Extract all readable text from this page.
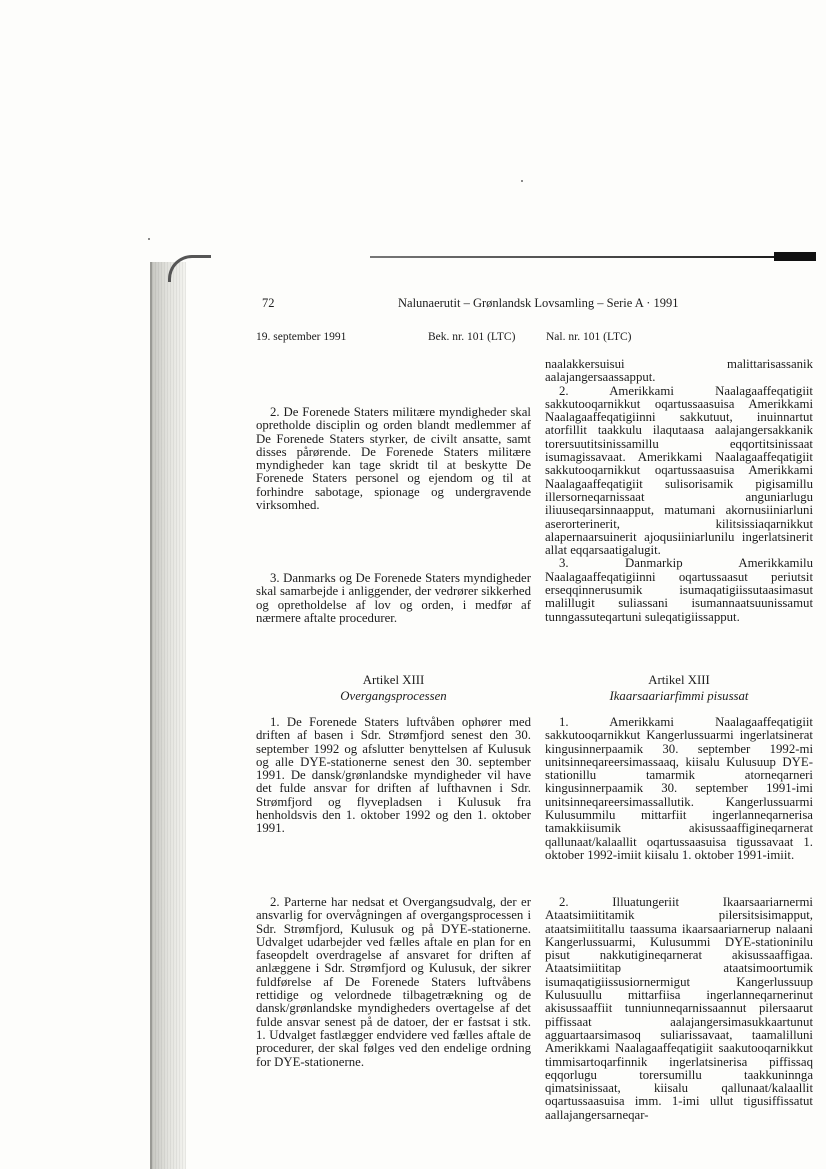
72	Nalunaerutit – Grønlandsk Lovsamling – Serie A · 1991
19. september 1991	Bek. nr. 101 (LTC)	Nal. nr. 101 (LTC)

2. De Forenede Staters militære myndigheder skal opretholde disciplin og orden blandt medlemmer af De Forenede Staters styrker, de civilt ansatte, samt disses pårørende. De Forenede Staters militære myndigheder kan tage skridt til at beskytte De Forenede Staters personel og ejendom og til at forhindre sabotage, spionage og undergravende virksomhed.

3. Danmarks og De Forenede Staters myndigheder skal samarbejde i anliggender, der vedrører sikkerhed og opretholdelse af lov og orden, i medfør af nærmere aftalte procedurer.

Artikel XIII

Overgangsprocessen

1. De Forenede Staters luftvåben ophører med driften af basen i Sdr. Strømfjord senest den 30. september 1992 og afslutter benyttelsen af Kulusuk og alle DYE-stationerne senest den 30. september 1991. De dansk/grønlandske myndigheder vil have det fulde ansvar for driften af lufthavnen i Sdr. Strømfjord og flyvepladsen i Kulusuk fra henholdsvis den 1. oktober 1992 og den 1. oktober 1991.

2. Parterne har nedsat et Overgangsudvalg, der er ansvarlig for overvågningen af overgangsprocessen i Sdr. Strømfjord, Kulusuk og på DYE-stationerne. Udvalget udarbejder ved fælles aftale en plan for en faseopdelt overdragelse af ansvaret for driften af anlæggene i Sdr. Strømfjord og Kulusuk, der sikrer fuldførelse af De Forenede Staters luftvåbens rettidige og velordnede tilbagetrækning og de dansk/grønlandske myndigheders overtagelse af det fulde ansvar senest på de datoer, der er fastsat i stk. 1. Udvalget fastlægger endvidere ved fælles aftale de procedurer, der skal følges ved den endelige ordning for DYE-stationerne.

naalakkersuisui malittarisassanik aalajangersaassapput.

2. Amerikkami Naalagaaffeqatigiit sakkutooqarnikkut oqartussaasuisa Amerikkami Naalagaaffeqatigiinni sakkutuut, inuinnartut atorfillit taakkulu ilaqutaasa aalajangersakkanik torersuutitsinissamillu eqqortitsinissaat isumagissavaat. Amerikkami Naalagaaffeqatigiit sakkutooqarnikkut oqartussaasuisa Amerikkami Naalagaaffeqatigiit sulisorisamik pigisamillu illersorneqarnissaat anguniarlugu iliuuseqarsinnaapput, matumani akornusiiniarluni aserorterinerit, kilitsissiaqarnikkut alapernaarsuinerit ajoqusiiniarlunilu ingerlatsinerit allat eqqarsaatigalugit.

3. Danmarkip Amerikkamilu Naalagaaffeqatigiinni oqartussaasut periutsit erseqqinnerusumik isumaqatigiissutaasimasut malillugit suliassani isumannaatsuunissamut tunngassuteqartuni suleqatigiissapput.

Artikel XIII

Ikaarsaariarfimmi pisussat

1. Amerikkami Naalagaaffeqatigiit sakkutooqarnikkut Kangerlussuarmi ingerlatsinerat kingusinnerpaamik 30. september 1992-mi unitsinneqareersimassaaq, kiisalu Kulusuup DYE-stationillu tamarmik atorneqarneri kingusinnerpaamik 30. september 1991-imi unitsinneqareersimassallutik. Kangerlussuarmi Kulusummilu mittarfiit ingerlanneqarnerisa tamakkiisumik akisussaaffigineqarnerat qallunaat/kalaallit oqartussaasuisa tigussavaat 1. oktober 1992-imiit kiisalu 1. oktober 1991-imiit.

2. Illuatungeriit Ikaarsaariarnermi Ataatsimiititamik pilersitsisimapput, ataatsimiititallu taassuma ikaarsaariarnerup nalaani Kangerlussuarmi, Kulusummi DYE-stationinilu pisut nakkutigineqarnerat akisussaaffigaa. Ataatsimiititap ataatsimoortumik isumaqatigiissusiornermigut Kangerlussuup Kulusuullu mittarfiisa ingerlanneqarnerinut akisussaaffiit tunniunneqarnissaannut pilersaarut piffissaat aalajangersimasukkaartunut agguartaarsimasoq suliarissavaat, taamalilluni Amerikkami Naalagaaffeqatigiit saakutooqarnikkut timmisartoqarfinnik ingerlatsinerisa piffissaq eqqorlugu torersumillu taakkuninnga qimatsinissaat, kiisalu qallunaat/kalaallit oqartussaasuisa imm. 1-imi ullut tigusiffissatut aallajangersarneqar-
